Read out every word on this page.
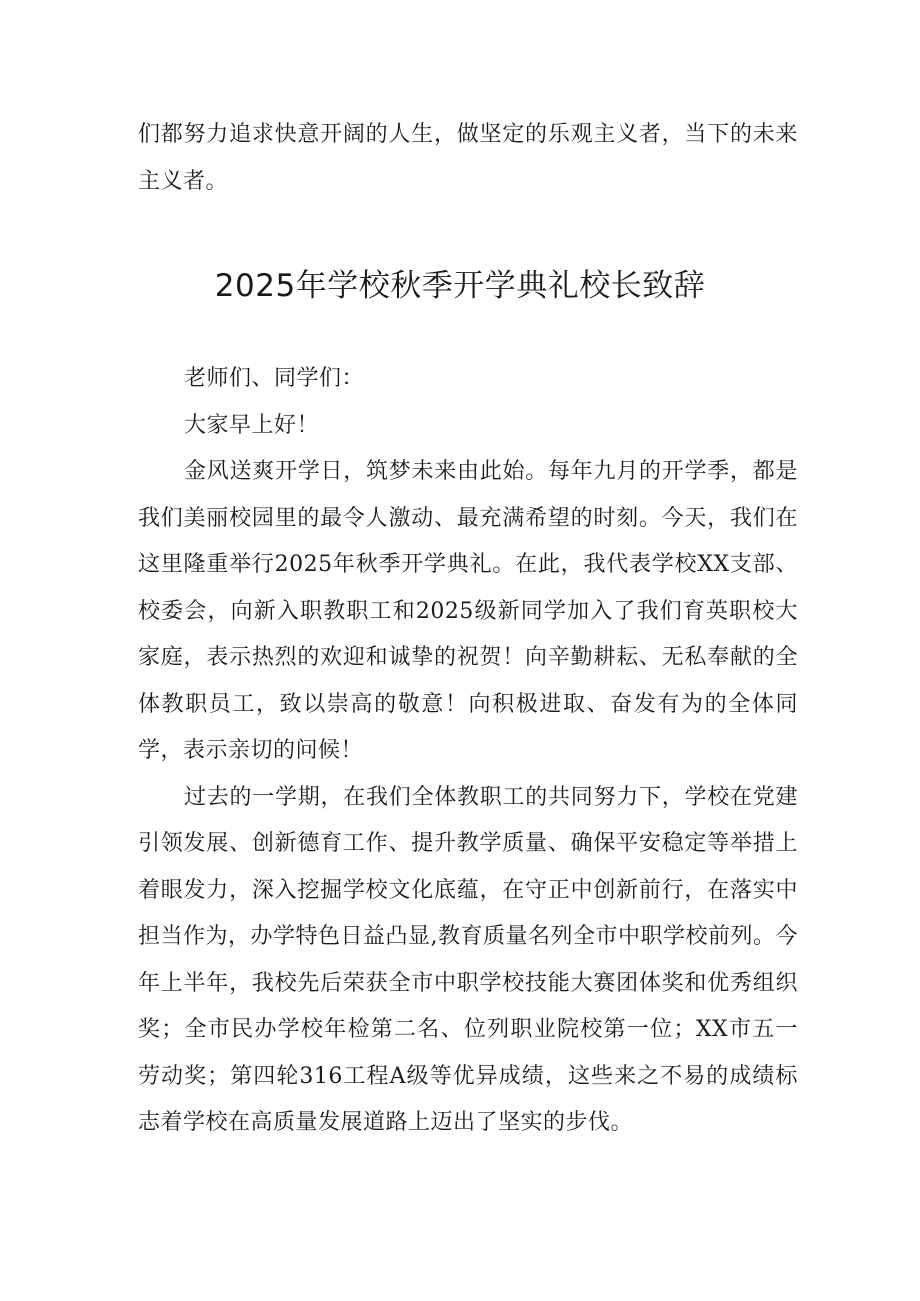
们都努力追求快意开阔的人生，做坚定的乐观主义者，当下的未来主义者。

2025年学校秋季开学典礼校长致辞

老师们、同学们：

大家早上好！

金风送爽开学日，筑梦未来由此始。每年九月的开学季，都是我们美丽校园里的最令人激动、最充满希望的时刻。今天，我们在这里隆重举行2025年秋季开学典礼。在此，我代表学校XX支部、校委会，向新入职教职工和2025级新同学加入了我们育英职校大家庭，表示热烈的欢迎和诚挚的祝贺！向辛勤耕耘、无私奉献的全体教职员工，致以崇高的敬意！向积极进取、奋发有为的全体同学，表示亲切的问候！

过去的一学期，在我们全体教职工的共同努力下，学校在党建引领发展、创新德育工作、提升教学质量、确保平安稳定等举措上着眼发力，深入挖掘学校文化底蕴，在守正中创新前行，在落实中担当作为，办学特色日益凸显,教育质量名列全市中职学校前列。今年上半年，我校先后荣获全市中职学校技能大赛团体奖和优秀组织奖；全市民办学校年检第二名、位列职业院校第一位；XX市五一劳动奖；第四轮316工程A级等优异成绩，这些来之不易的成绩标志着学校在高质量发展道路上迈出了坚实的步伐。
